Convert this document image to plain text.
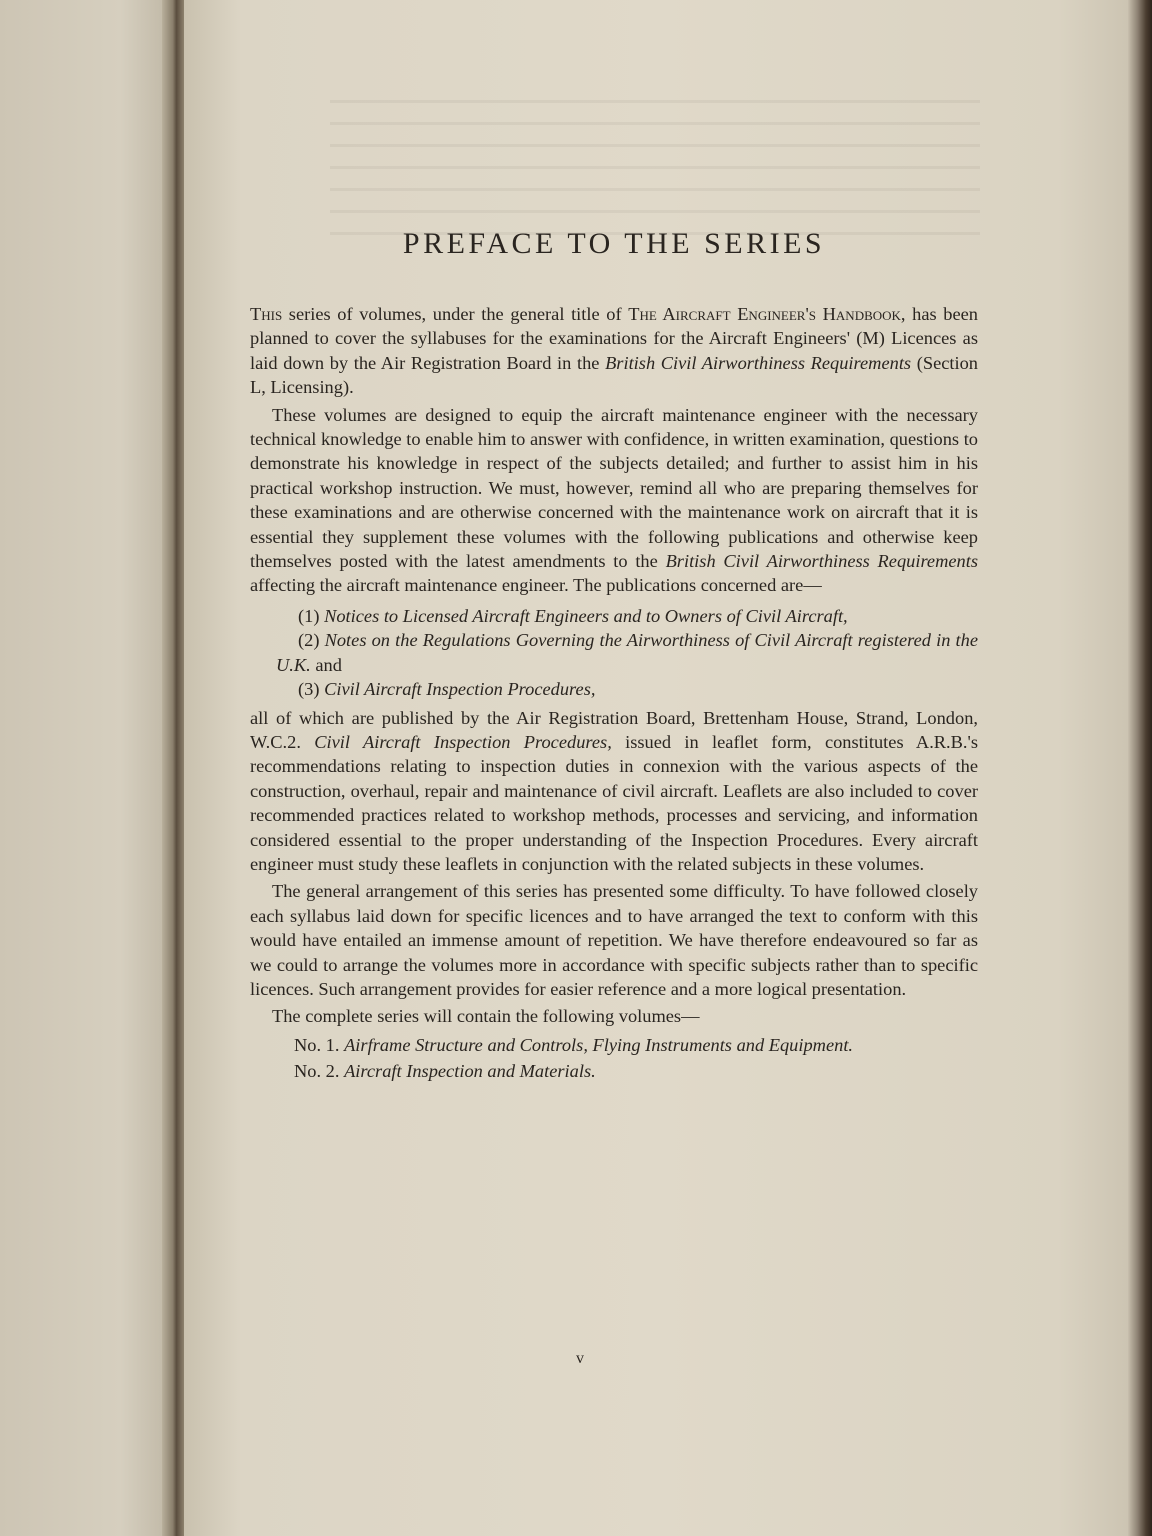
PREFACE TO THE SERIES

This series of volumes, under the general title of The Aircraft Engineer's Handbook, has been planned to cover the syllabuses for the examinations for the Aircraft Engineers' (M) Licences as laid down by the Air Registration Board in the British Civil Airworthiness Requirements (Section L, Licensing).

These volumes are designed to equip the aircraft maintenance engineer with the necessary technical knowledge to enable him to answer with confidence, in written examination, questions to demonstrate his knowledge in respect of the subjects detailed; and further to assist him in his practical workshop instruction. We must, however, remind all who are preparing themselves for these examinations and are otherwise concerned with the maintenance work on aircraft that it is essential they supplement these volumes with the following publications and otherwise keep themselves posted with the latest amendments to the British Civil Airworthiness Requirements affecting the aircraft maintenance engineer. The publications concerned are—

(1) Notices to Licensed Aircraft Engineers and to Owners of Civil Aircraft,

(2) Notes on the Regulations Governing the Airworthiness of Civil Aircraft registered in the U.K. and

(3) Civil Aircraft Inspection Procedures,

all of which are published by the Air Registration Board, Brettenham House, Strand, London, W.C.2. Civil Aircraft Inspection Procedures, issued in leaflet form, constitutes A.R.B.'s recommendations relating to inspection duties in connexion with the various aspects of the construction, overhaul, repair and maintenance of civil aircraft. Leaflets are also included to cover recommended practices related to workshop methods, processes and servicing, and information considered essential to the proper understanding of the Inspection Procedures. Every aircraft engineer must study these leaflets in conjunction with the related subjects in these volumes.

The general arrangement of this series has presented some difficulty. To have followed closely each syllabus laid down for specific licences and to have arranged the text to conform with this would have entailed an immense amount of repetition. We have therefore endeavoured so far as we could to arrange the volumes more in accordance with specific subjects rather than to specific licences. Such arrangement provides for easier reference and a more logical presentation.

The complete series will contain the following volumes—

No. 1. Airframe Structure and Controls, Flying Instruments and Equipment.

No. 2. Aircraft Inspection and Materials.

v
